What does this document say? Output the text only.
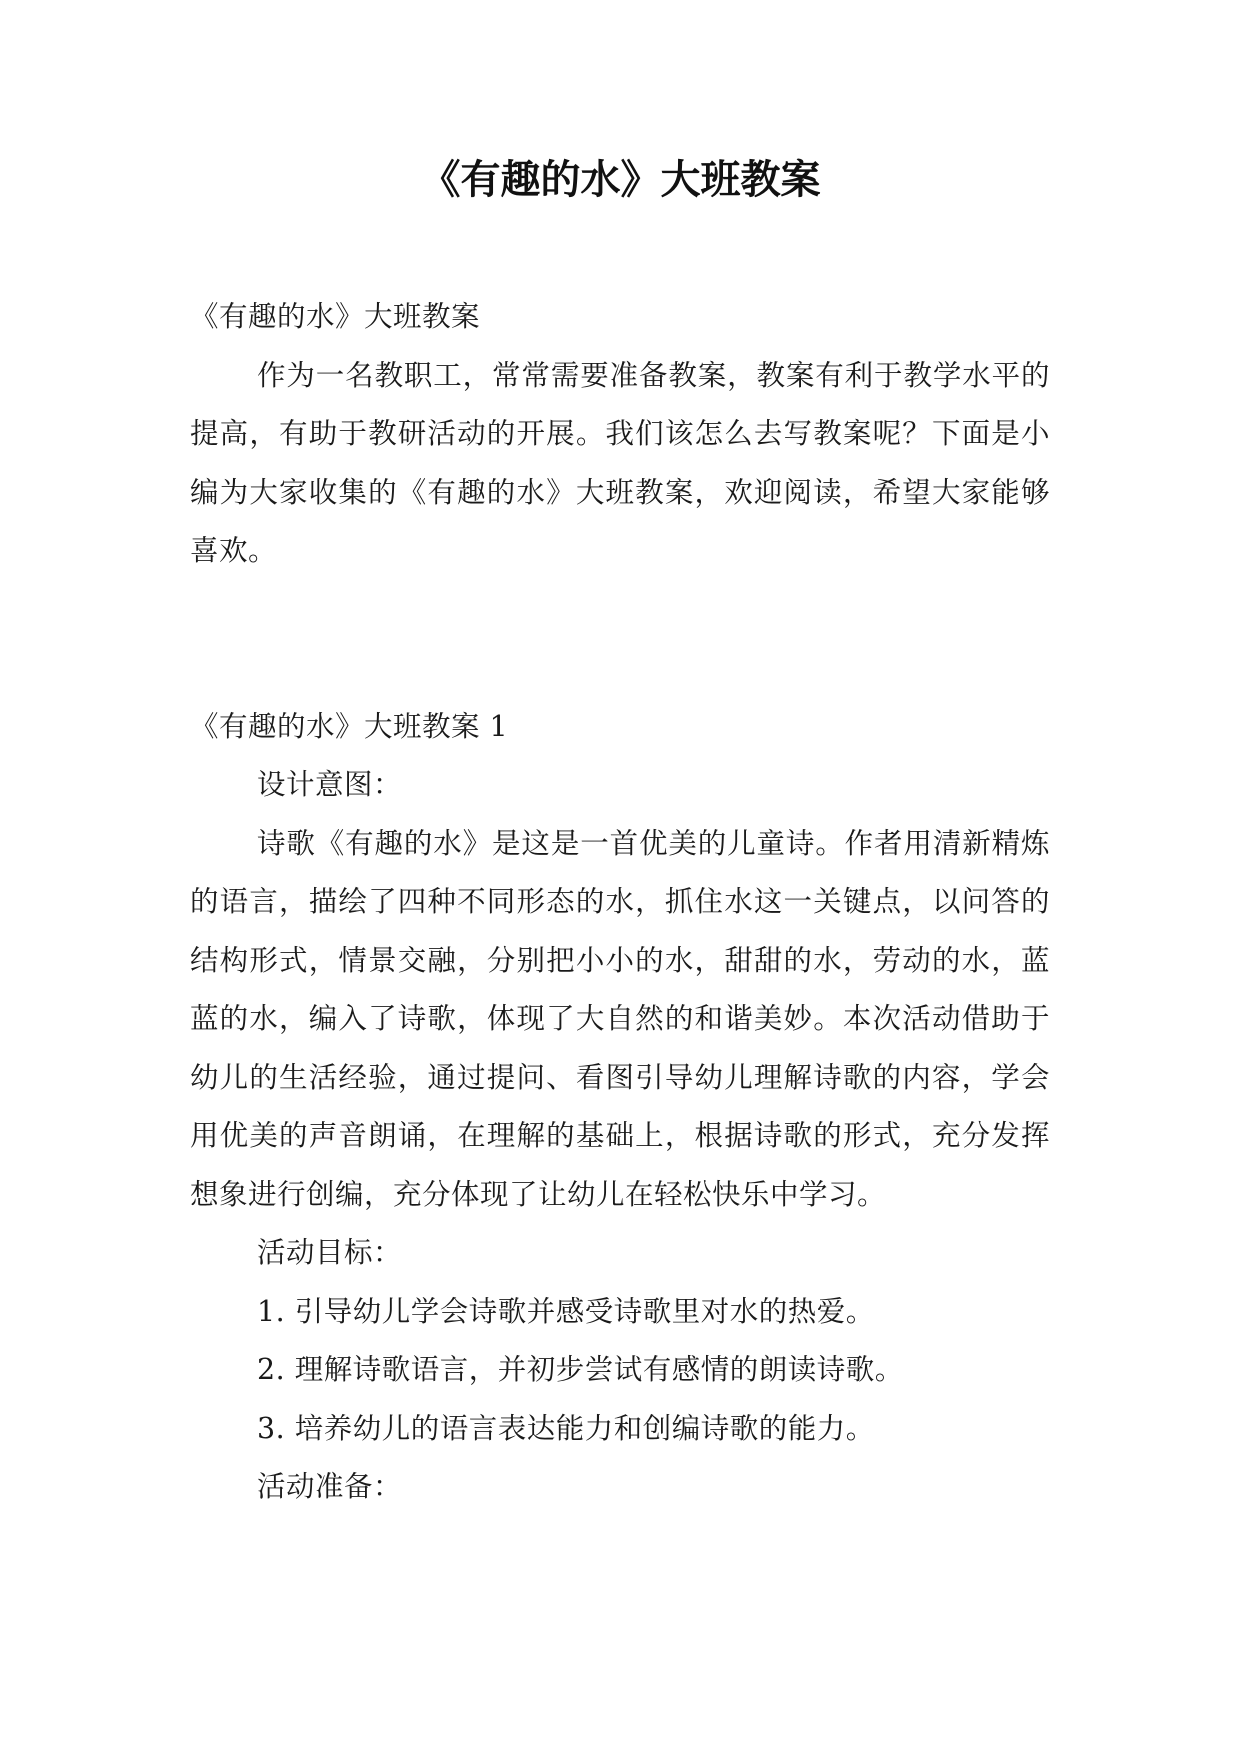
《有趣的水》大班教案

《有趣的水》大班教案

作为一名教职工，常常需要准备教案，教案有利于教学水平的提高，有助于教研活动的开展。我们该怎么去写教案呢？下面是小编为大家收集的《有趣的水》大班教案，欢迎阅读，希望大家能够喜欢。

《有趣的水》大班教案 1

设计意图：

诗歌《有趣的水》是这是一首优美的儿童诗。作者用清新精炼的语言，描绘了四种不同形态的水，抓住水这一关键点，以问答的结构形式，情景交融，分别把小小的水，甜甜的水，劳动的水，蓝蓝的水，编入了诗歌，体现了大自然的和谐美妙。本次活动借助于幼儿的生活经验，通过提问、看图引导幼儿理解诗歌的内容，学会用优美的声音朗诵，在理解的基础上，根据诗歌的形式，充分发挥想象进行创编，充分体现了让幼儿在轻松快乐中学习。

活动目标：

1. 引导幼儿学会诗歌并感受诗歌里对水的热爱。

2. 理解诗歌语言，并初步尝试有感情的朗读诗歌。

3. 培养幼儿的语言表达能力和创编诗歌的能力。

活动准备：
